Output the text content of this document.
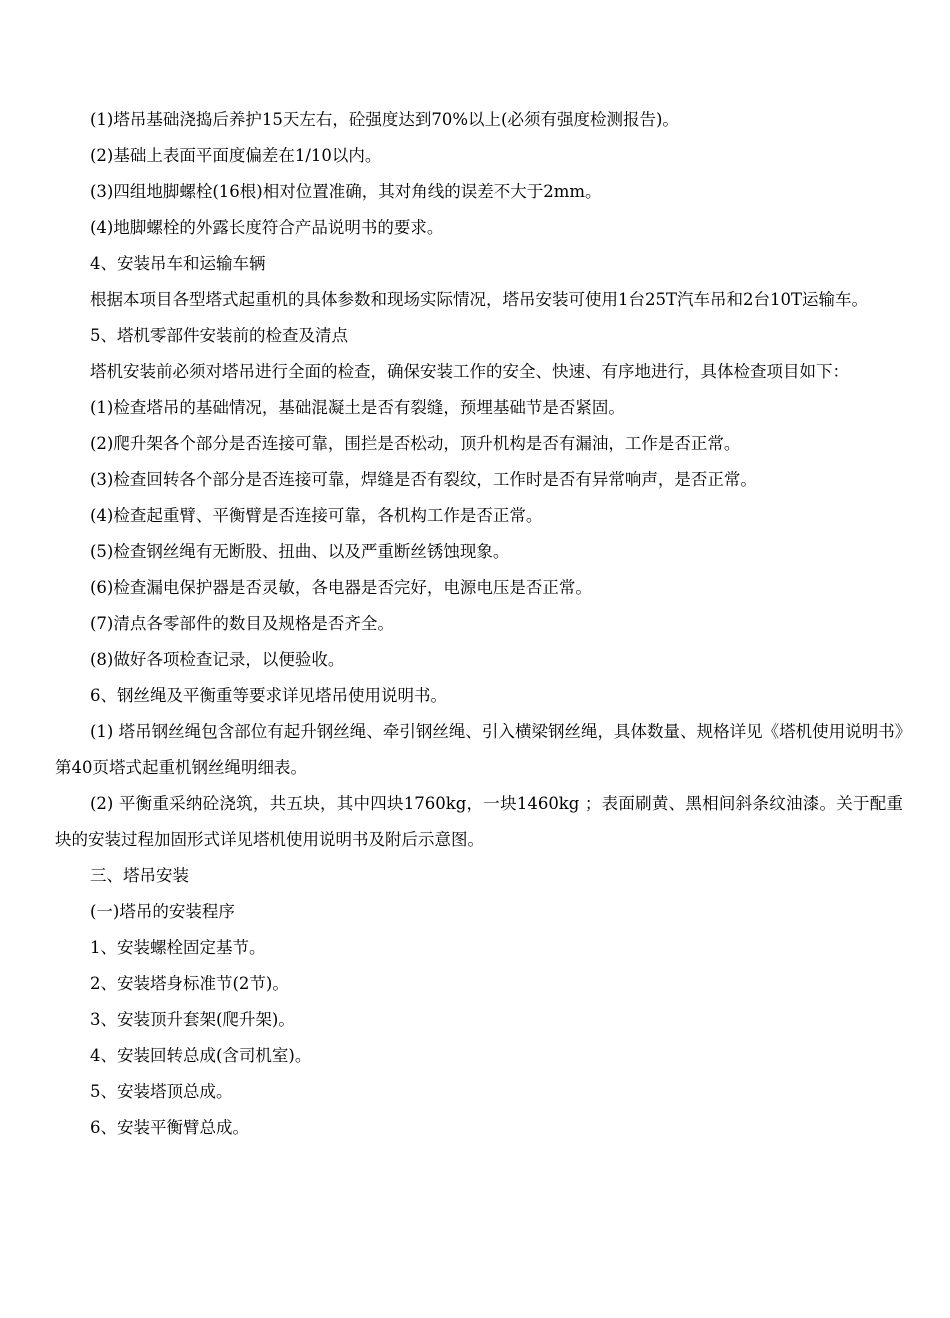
(1)塔吊基础浇捣后养护15天左右，砼强度达到70%以上(必须有强度检测报告)。

(2)基础上表面平面度偏差在1/10以内。

(3)四组地脚螺栓(16根)相对位置准确，其对角线的误差不大于2mm。

(4)地脚螺栓的外露长度符合产品说明书的要求。

4、安装吊车和运输车辆

根据本项目各型塔式起重机的具体参数和现场实际情况，塔吊安装可使用1台25T汽车吊和2台10T运输车。

5、塔机零部件安装前的检查及清点

塔机安装前必须对塔吊进行全面的检查，确保安装工作的安全、快速、有序地进行，具体检查项目如下：

(1)检查塔吊的基础情况，基础混凝土是否有裂缝，预埋基础节是否紧固。

(2)爬升架各个部分是否连接可靠，围拦是否松动，顶升机构是否有漏油，工作是否正常。

(3)检查回转各个部分是否连接可靠，焊缝是否有裂纹，工作时是否有异常响声，是否正常。

(4)检查起重臂、平衡臂是否连接可靠，各机构工作是否正常。

(5)检查钢丝绳有无断股、扭曲、以及严重断丝锈蚀现象。

(6)检查漏电保护器是否灵敏，各电器是否完好，电源电压是否正常。

(7)清点各零部件的数目及规格是否齐全。

(8)做好各项检查记录，以便验收。

6、钢丝绳及平衡重等要求详见塔吊使用说明书。

(1) 塔吊钢丝绳包含部位有起升钢丝绳、牵引钢丝绳、引入横梁钢丝绳，具体数量、规格详见《塔机使用说明书》第40页塔式起重机钢丝绳明细表。

(2) 平衡重采纳砼浇筑，共五块，其中四块1760kg，一块1460kg ；表面刷黄、黑相间斜条纹油漆。关于配重块的安装过程加固形式详见塔机使用说明书及附后示意图。

三、塔吊安装

(一)塔吊的安装程序

1、安装螺栓固定基节。

2、安装塔身标准节(2节)。

3、安装顶升套架(爬升架)。

4、安装回转总成(含司机室)。

5、安装塔顶总成。

6、安装平衡臂总成。
